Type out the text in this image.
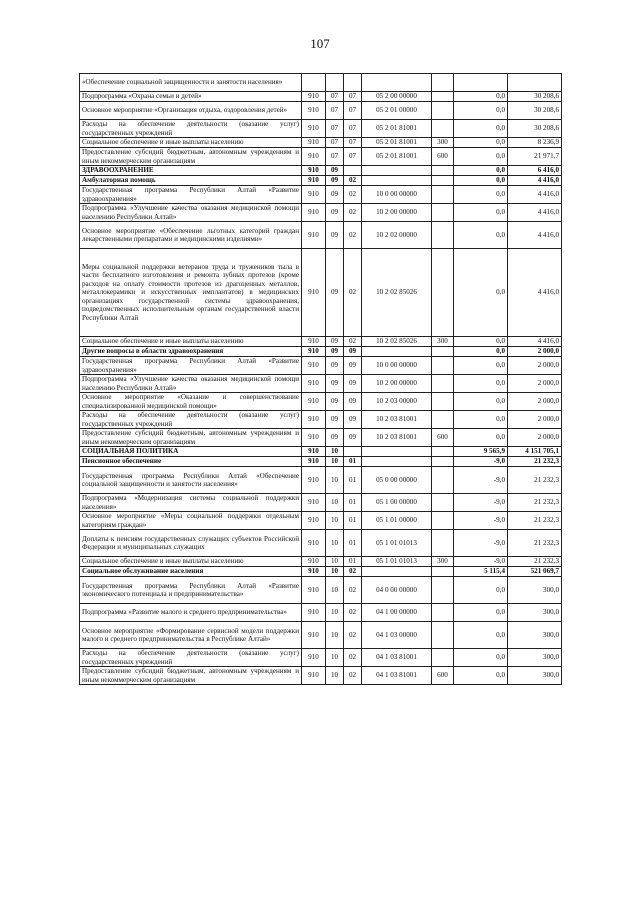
107
«Обеспечение социальной защищенности и занятости населения»							
Подпрограмма «Охрана семьи и детей»	910	07	07	05 2 00 00000		0,0	30 208,6
Основное мероприятие «Организация отдыха, оздоровления детей»	910	07	07	05 2 01 00000		0,0	30 208,6
Расходы на обеспечение деятельности (оказание услуг) государственных учреждений	910	07	07	05 2 01 81001		0,0	30 208,6
Социальное обеспечение и иные выплаты населению	910	07	07	05 2 01 81001	300	0,0	8 236,9
Предоставление субсидий бюджетным, автономным учреждениям и иным некоммерческим организациям	910	07	07	05 2 01 81001	600	0,0	21 971,7
ЗДРАВООХРАНЕНИЕ	910	09				0,0	6 416,0
Амбулаторная помощь	910	09	02			0,0	4 416,0
Государственная программа Республики Алтай «Развитие здравоохранения»	910	09	02	10 0 00 00000		0,0	4 416,0
Подпрограмма «Улучшение качества оказания медицинской помощи населению Республики Алтай»	910	09	02	10 2 00 00000		0,0	4 416,0
Основное мероприятие «Обеспечение льготных категорий граждан лекарственными препаратами и медицинскими изделиями»	910	09	02	10 2 02 00000		0,0	4 416,0
Меры социальной поддержки ветеранов труда и тружеников тыла в части бесплатного изготовления и ремонта зубных протезов (кроме расходов на оплату стоимости протезов из драгоценных металлов, металлокерамики и искусственных имплантатов) в медицинских организациях государственной системы здравоохранения, подведомственных исполнительным органам государственной власти Республики Алтай	910	09	02	10 2 02 85026		0,0	4 416,0
Социальное обеспечение и иные выплаты населению	910	09	02	10 2 02 85026	300	0,0	4 416,0
Другие вопросы в области здравоохранения	910	09	09			0,0	2 000,0
Государственная программа Республики Алтай «Развитие здравоохранения»	910	09	09	10 0 00 00000		0,0	2 000,0
Подпрограмма «Улучшение качества оказания медицинской помощи населению Республики Алтай»	910	09	09	10 2 00 00000		0,0	2 000,0
Основное мероприятие «Оказание и совершенствование специализированной медицинской помощи»	910	09	09	10 2 03 00000		0,0	2 000,0
Расходы на обеспечение деятельности (оказание услуг) государственных учреждений	910	09	09	10 2 03 81001		0,0	2 000,0
Предоставление субсидий бюджетным, автономным учреждениям и иным некоммерческим организациям	910	09	09	10 2 03 81001	600	0,0	2 000,0
СОЦИАЛЬНАЯ ПОЛИТИКА	910	10				9 565,9	4 151 705,1
Пенсионное обеспечение	910	10	01			-9,0	21 232,3
Государственная программа Республики Алтай «Обеспечение социальной защищенности и занятости населения»	910	10	01	05 0 00 00000		-9,0	21 232,3
Подпрограмма «Модернизация системы социальной поддержки населения»	910	10	01	05 1 00 00000		-9,0	21 232,3
Основное мероприятие «Меры социальной поддержки отдельным категориям граждан»	910	10	01	05 1 01 00000		-9,0	21 232,3
Доплаты к пенсиям государственных служащих субъектов Российской Федерации и муниципальных служащих	910	10	01	05 1 01 01013		-9,0	21 232,3
Социальное обеспечение и иные выплаты населению	910	10	01	05 1 01 01013	300	-9,0	21 232,3
Социальное обслуживание населения	910	10	02			5 115,4	521 069,7
Государственная программа Республики Алтай «Развитие экономического потенциала и предпринимательства»	910	10	02	04 0 00 00000		0,0	300,0
Подпрограмма «Развитие малого и среднего предпринимательства»	910	10	02	04 1 00 00000		0,0	300,0
Основное мероприятие «Формирование сервисной модели поддержки малого и среднего предпринимательства в Республике Алтай»	910	10	02	04 1 03 00000		0,0	300,0
Расходы на обеспечение деятельности (оказание услуг) государственных учреждений	910	10	02	04 1 03 81001		0,0	300,0
Предоставление субсидий бюджетным, автономным учреждениям и иным некоммерческим организациям	910	10	02	04 1 03 81001	600	0,0	300,0
